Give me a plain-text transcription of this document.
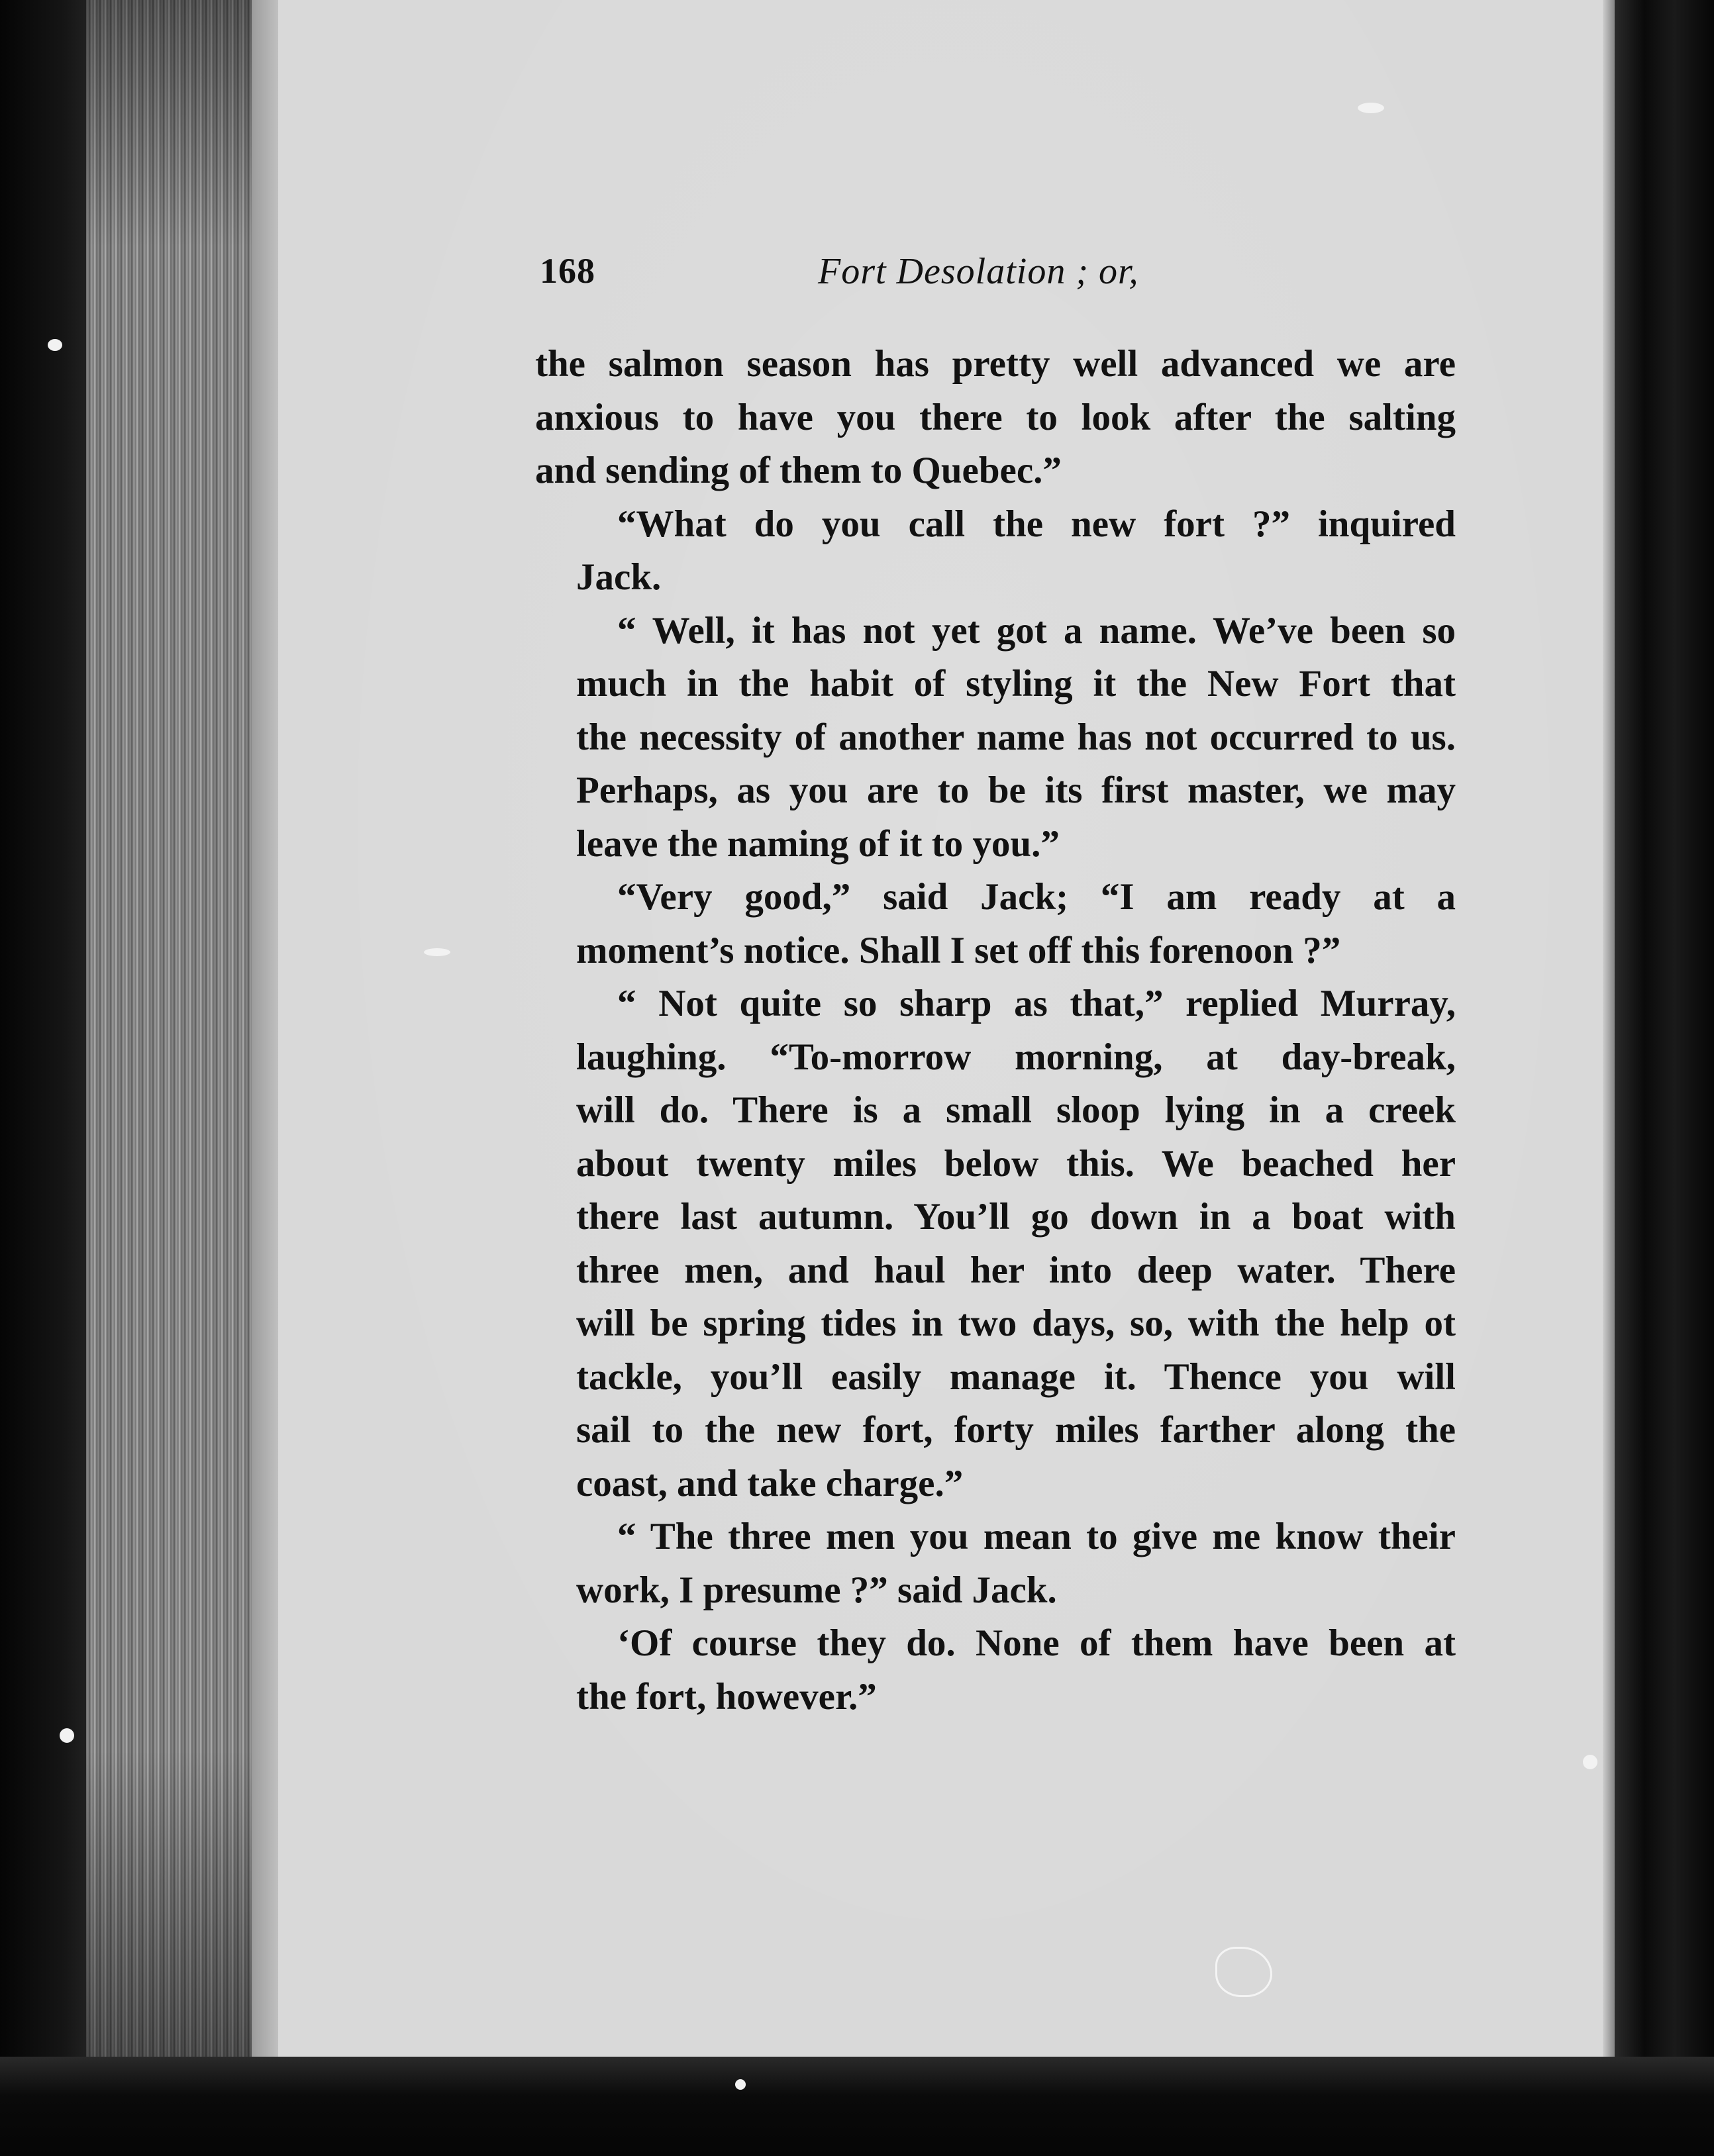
168	Fort Desolation ; or,
the salmon season has pretty well advanced we are
anxious to have you there to look after the salting
and sending of them to Quebec.”
“What do you call the new fort ?” inquired
Jack.
“ Well, it has not yet got a name. We’ve been so
much in the habit of styling it the New Fort that
the necessity of another name has not occurred to us.
Perhaps, as you are to be its first master, we may
leave the naming of it to you.”
“Very good,” said Jack; “I am ready at a
moment’s notice. Shall I set off this forenoon ?”
“ Not quite so sharp as that,” replied Murray,
laughing. “To-morrow morning, at day-break,
will do. There is a small sloop lying in a creek
about twenty miles below this. We beached her
there last autumn. You’ll go down in a boat with
three men, and haul her into deep water. There
will be spring tides in two days, so, with the help ot
tackle, you’ll easily manage it. Thence you will
sail to the new fort, forty miles farther along the
coast, and take charge.”
“ The three men you mean to give me know their
work, I presume ?” said Jack.
‘Of course they do. None of them have been at
the fort, however.”
